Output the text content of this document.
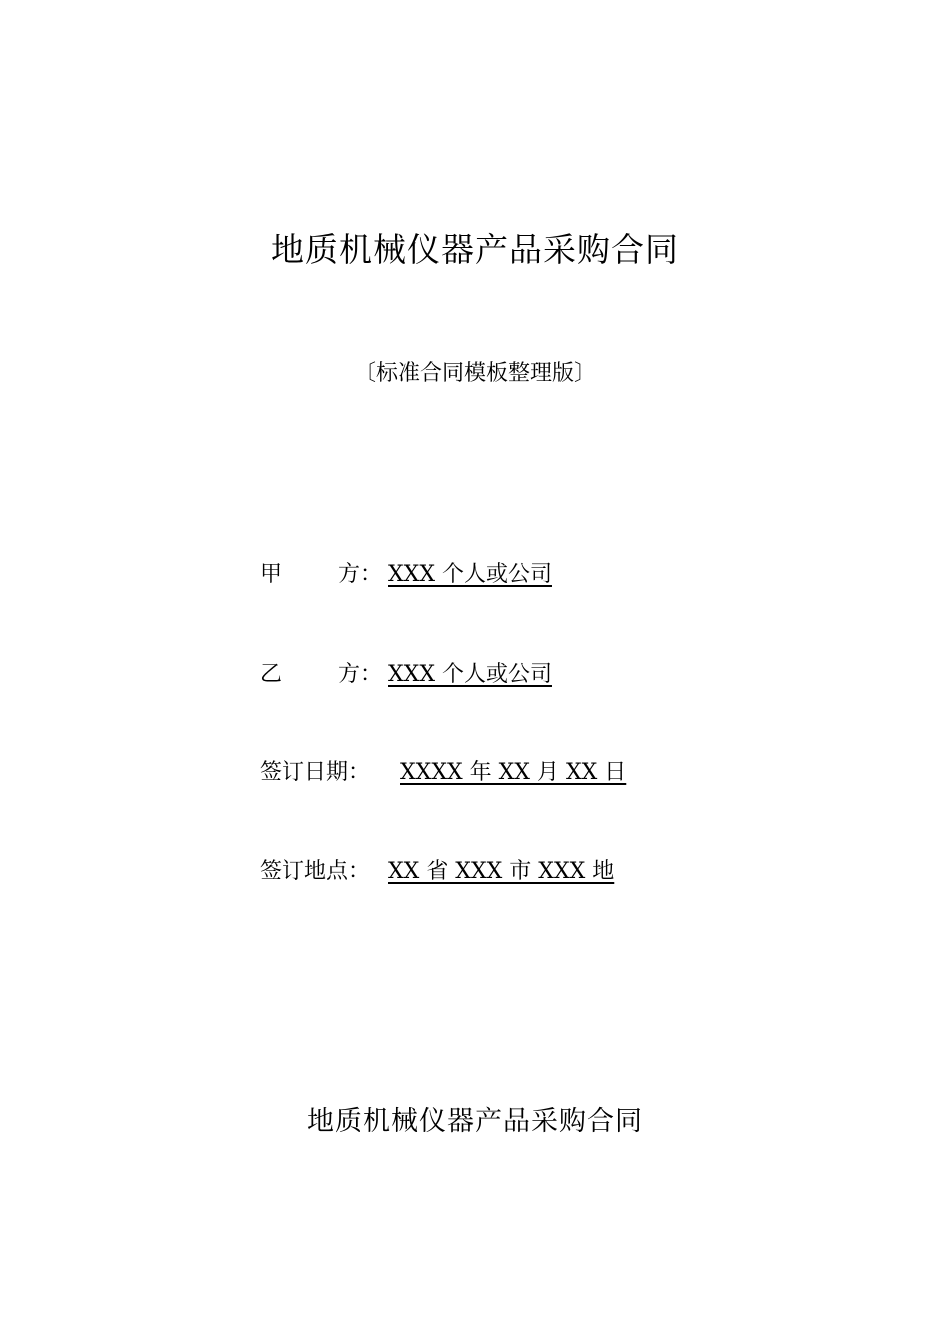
地质机械仪器产品采购合同
〔标准合同模板整理版〕
甲	方： XXX 个人或公司
乙	方： XXX 个人或公司
签订日期： XXXX 年 XX 月 XX 日
签订地点： XX 省 XXX 市 XXX 地
地质机械仪器产品采购合同
